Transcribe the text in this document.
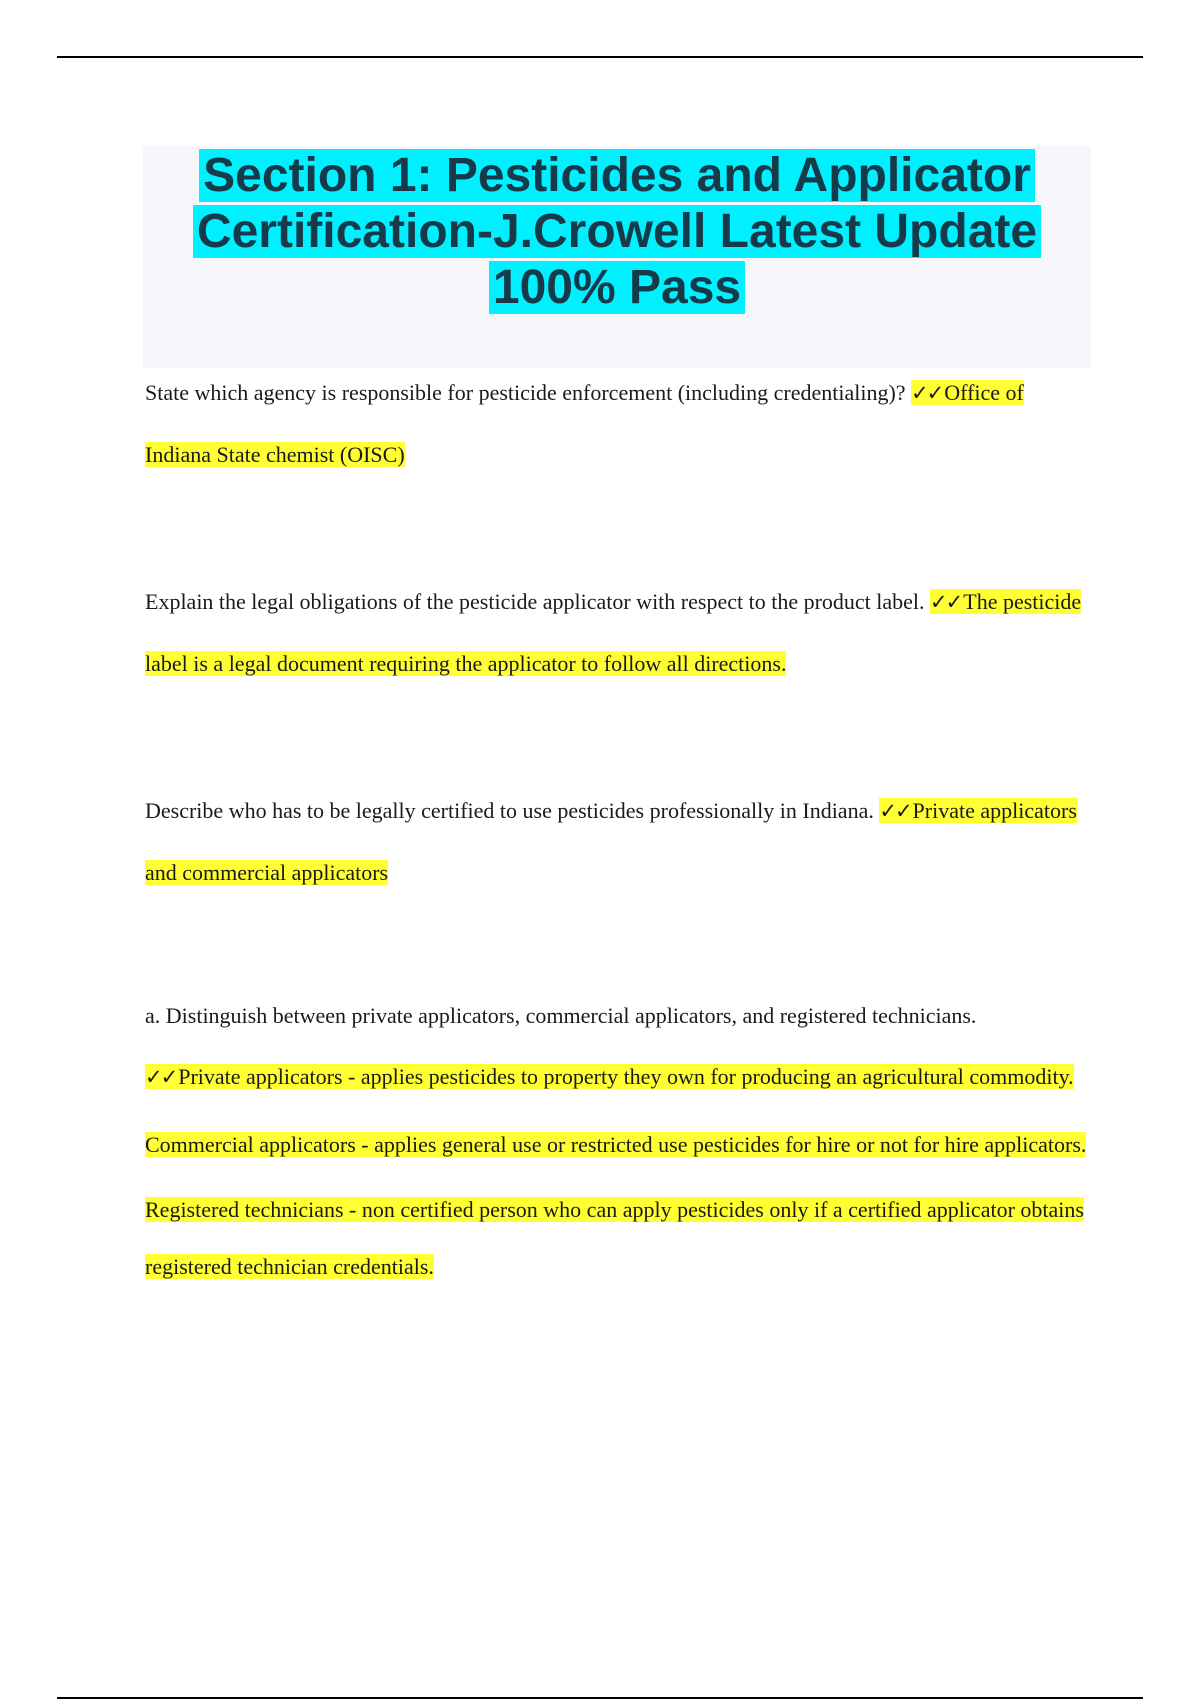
Section 1: Pesticides and Applicator Certification-J.Crowell Latest Update 100% Pass

State which agency is responsible for pesticide enforcement (including credentialing)? ✓✓Office of Indiana State chemist (OISC)

Explain the legal obligations of the pesticide applicator with respect to the product label. ✓✓The pesticide label is a legal document requiring the applicator to follow all directions.

Describe who has to be legally certified to use pesticides professionally in Indiana. ✓✓Private applicators and commercial applicators

a. Distinguish between private applicators, commercial applicators, and registered technicians.
✓✓Private applicators - applies pesticides to property they own for producing an agricultural commodity.

Commercial applicators - applies general use or restricted use pesticides for hire or not for hire applicators.

Registered technicians - non certified person who can apply pesticides only if a certified applicator obtains registered technician credentials.
